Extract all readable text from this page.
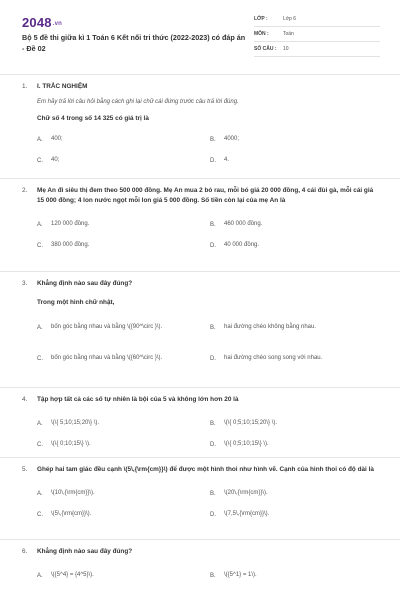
2048.vn
Bộ 5 đề thi giữa kì 1 Toán 6 Kết nối tri thức (2022-2023) có đáp án - Đề 02
LỚP :	Lớp 6
MÔN :	Toán
SỐ CÂU :	10
1.	I. TRẮC NGHIỆM
Em hãy trả lời câu hỏi bằng cách ghi lại chữ cái đứng trước câu trả lời đúng.
Chữ số 4 trong số 14 325 có giá trị là
A.	400;	B.	4000;
C.	40;	D.	4.
2.	Mẹ An đi siêu thị đem theo 500 000 đồng. Mẹ An mua 2 bó rau, mỗi bó giá 20 000 đồng, 4 cái đùi gà, mỗi cái giá 15 000 đồng; 4 lon nước ngọt mỗi lon giá 5 000 đồng. Số tiền còn lại của mẹ An là
A.	120 000 đồng.	B.	460 000 đồng.
C.	380 000 đồng.	D.	40 000 đồng.
3.	Khẳng định nào sau đây đúng?
Trong một hình chữ nhật,
A.	bốn góc bằng nhau và bằng \({90^\circ }\).	B.	hai đường chéo không bằng nhau.
C.	bốn góc bằng nhau và bằng \({60^\circ }\).	D.	hai đường chéo song song với nhau.
4.	Tập hợp tất cả các số tự nhiên là bội của 5 và không lớn hơn 20 là
A.	\(\{ 5;10;15;20\} \).	B.	\(\{ 0;5;10;15;20\} \).
C.	\(\{ 0;10;15\} \).	D.	\(\{ 0;5;10;15\} \).
5.	Ghép hai tam giác đều cạnh \(5\,{\rm{cm}}\) để được một hình thoi như hình vẽ. Cạnh của hình thoi có độ dài là
A.	\(10\,{\rm{cm}}\).	B.	\(20\,{\rm{cm}}\).
C.	\(5\,{\rm{cm}}\).	D.	\(7,5\,{\rm{cm}}\).
6.	Khẳng định nào sau đây đúng?
A.	\({5^4} = {4^5}\).	B.	\({5^1} = 1\).
